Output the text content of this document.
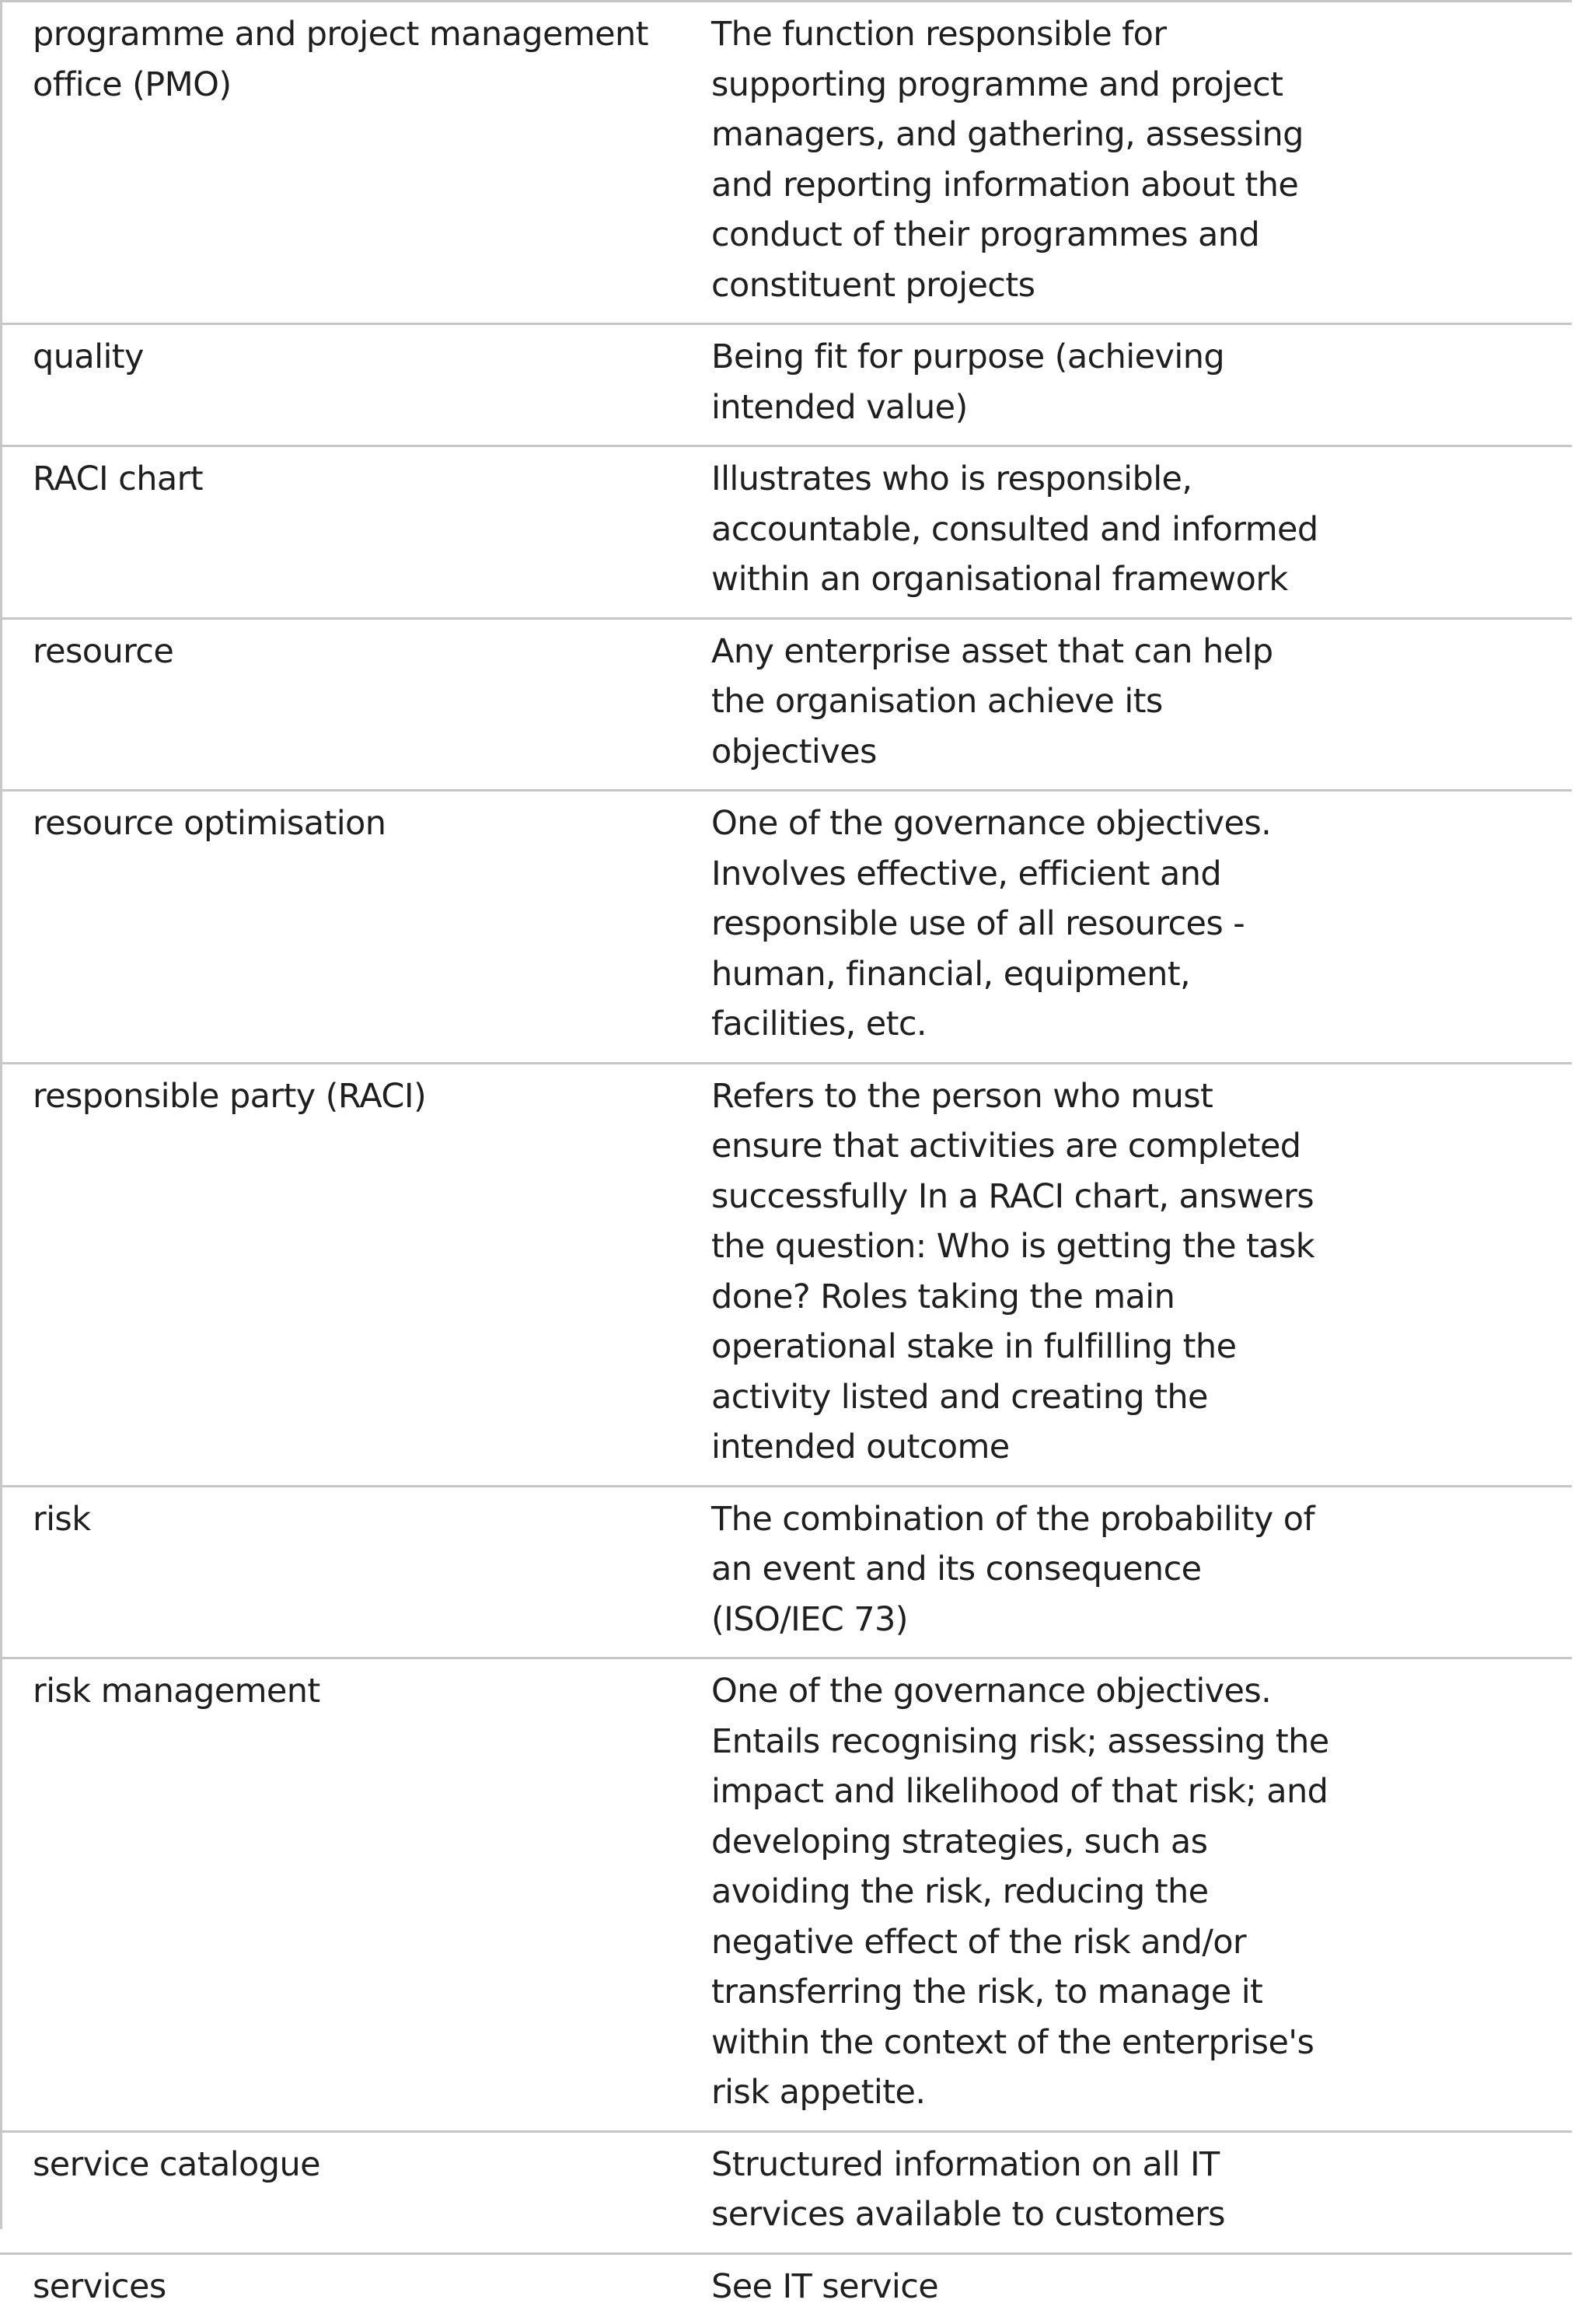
programme and project management office (PMO)	The function responsible for supporting programme and project managers, and gathering, assessing and reporting information about the conduct of their programmes and constituent projects

quality	Being fit for purpose (achieving intended value)

RACI chart	Illustrates who is responsible, accountable, consulted and informed within an organisational framework

resource	Any enterprise asset that can help the organisation achieve its objectives

resource optimisation	One of the governance objectives. Involves effective, efficient and responsible use of all resources - human, financial, equipment, facilities, etc.

responsible party (RACI)	Refers to the person who must ensure that activities are completed successfully In a RACI chart, answers the question: Who is getting the task done? Roles taking the main operational stake in fulfilling the activity listed and creating the intended outcome

risk	The combination of the probability of an event and its consequence (ISO/IEC 73)

risk management	One of the governance objectives. Entails recognising risk; assessing the impact and likelihood of that risk; and developing strategies, such as avoiding the risk, reducing the negative effect of the risk and/or transferring the risk, to manage it within the context of the enterprise's risk appetite.

service catalogue	Structured information on all IT services available to customers

services	See IT service
